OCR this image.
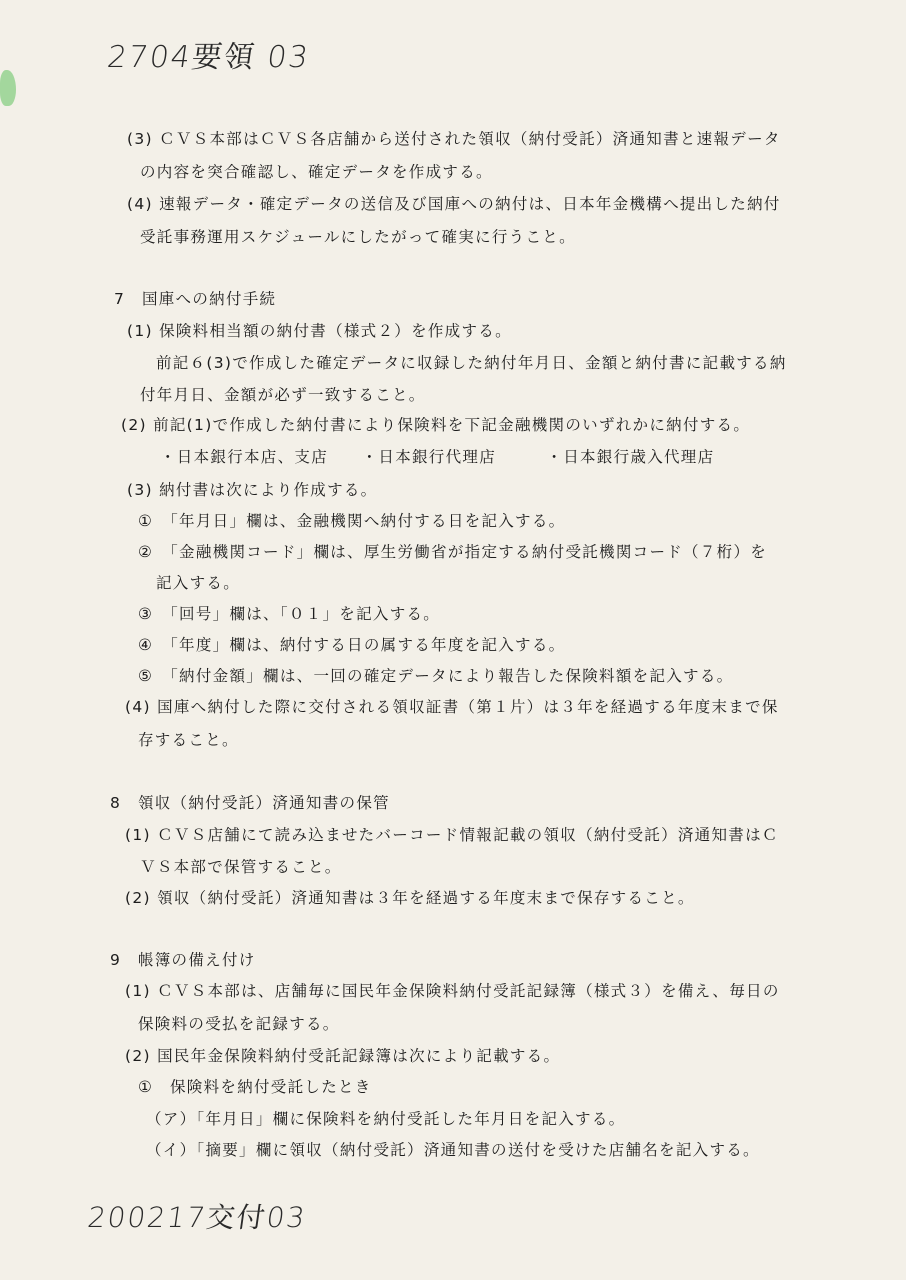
2704要領 03
200217交付03
(3) ＣＶＳ本部はＣＶＳ各店舗から送付された領収（納付受託）済通知書と速報データ
の内容を突合確認し、確定データを作成する。
(4) 速報データ・確定データの送信及び国庫への納付は、日本年金機構へ提出した納付
受託事務運用スケジュールにしたがって確実に行うこと。
7　国庫への納付手続
(1) 保険料相当額の納付書（様式２）を作成する。
前記６(3)で作成した確定データに収録した納付年月日、金額と納付書に記載する納
付年月日、金額が必ず一致すること。
(2) 前記(1)で作成した納付書により保険料を下記金融機関のいずれかに納付する。
・日本銀行本店、支店　　・日本銀行代理店　　　・日本銀行歳入代理店
(3) 納付書は次により作成する。
①　「年月日」欄は、金融機関へ納付する日を記入する。
②　「金融機関コード」欄は、厚生労働省が指定する納付受託機関コード（７桁）を
記入する。
③　「回号」欄は、「０１」を記入する。
④　「年度」欄は、納付する日の属する年度を記入する。
⑤　「納付金額」欄は、一回の確定データにより報告した保険料額を記入する。
(4) 国庫へ納付した際に交付される領収証書（第１片）は３年を経過する年度末まで保
存すること。
8　領収（納付受託）済通知書の保管
(1) ＣＶＳ店舗にて読み込ませたバーコード情報記載の領収（納付受託）済通知書はＣ
ＶＳ本部で保管すること。
(2) 領収（納付受託）済通知書は３年を経過する年度末まで保存すること。
9　帳簿の備え付け
(1) ＣＶＳ本部は、店舗毎に国民年金保険料納付受託記録簿（様式３）を備え、毎日の
保険料の受払を記録する。
(2) 国民年金保険料納付受託記録簿は次により記載する。
①　保険料を納付受託したとき
（ア）「年月日」欄に保険料を納付受託した年月日を記入する。
（イ）「摘要」欄に領収（納付受託）済通知書の送付を受けた店舗名を記入する。
